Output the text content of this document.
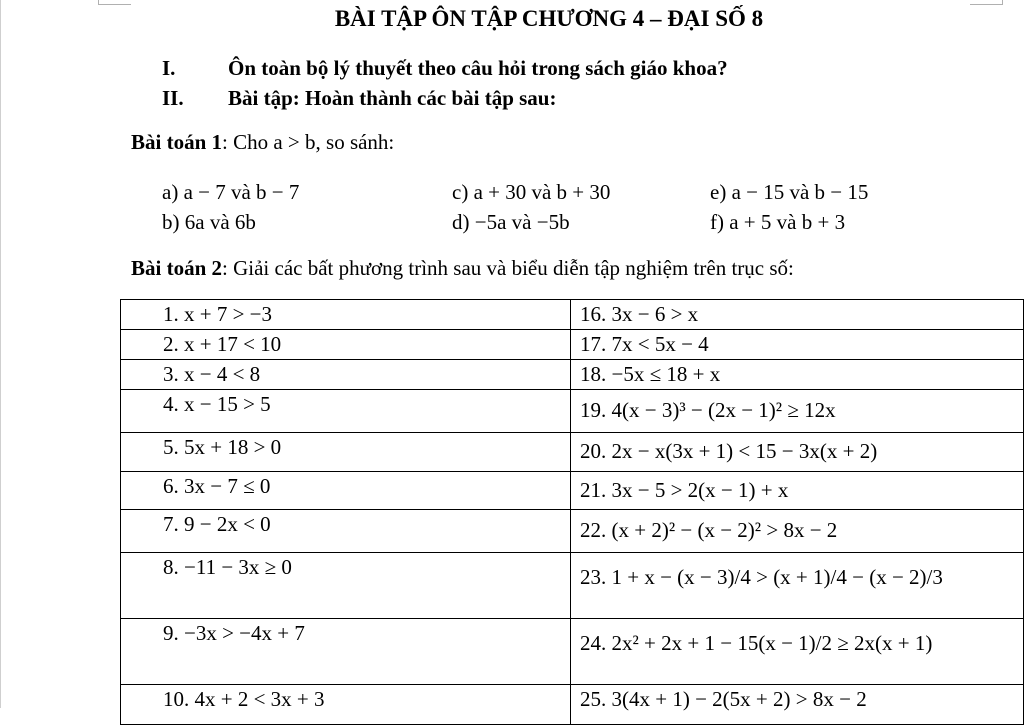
BÀI TẬP ÔN TẬP CHƯƠNG 4 – ĐẠI SỐ 8
I.	Ôn toàn bộ lý thuyết theo câu hỏi trong sách giáo khoa?
II. Bài tập: Hoàn thành các bài tập sau:
Bài toán 1: Cho a > b, so sánh:
a) a − 7 và b − 7	c) a + 30 và b + 30	e) a − 15 và b − 15
b) 6a và 6b	d) −5a và −5b	f) a + 5 và b + 3
Bài toán 2: Giải các bất phương trình sau và biểu diễn tập nghiệm trên trục số:
1. x + 7 > −3	16. 3x − 6 > x

2. x + 17 < 10	17. 7x < 5x − 4

3. x − 4 < 8	18. −5x ≤ 18 + x

4. x − 15 > 5	19. 4(x − 3)³ − (2x − 1)² ≥ 12x

5. 5x + 18 > 0	20. 2x − x(3x + 1) < 15 − 3x(x + 2)

6. 3x − 7 ≤ 0	21. 3x − 5 > 2(x − 1) + x

7. 9 − 2x < 0	22. (x + 2)² − (x − 2)² > 8x − 2

8. −11 − 3x ≥ 0	23. 1 + x − (x − 3)/4 > (x + 1)/4 − (x − 2)/3

9. −3x > −4x + 7	24. 2x² + 2x + 1 − 15(x − 1)/2 ≥ 2x(x + 1)

10. 4x + 2 < 3x + 3	25. 3(4x + 1) − 2(5x + 2) > 8x − 2
